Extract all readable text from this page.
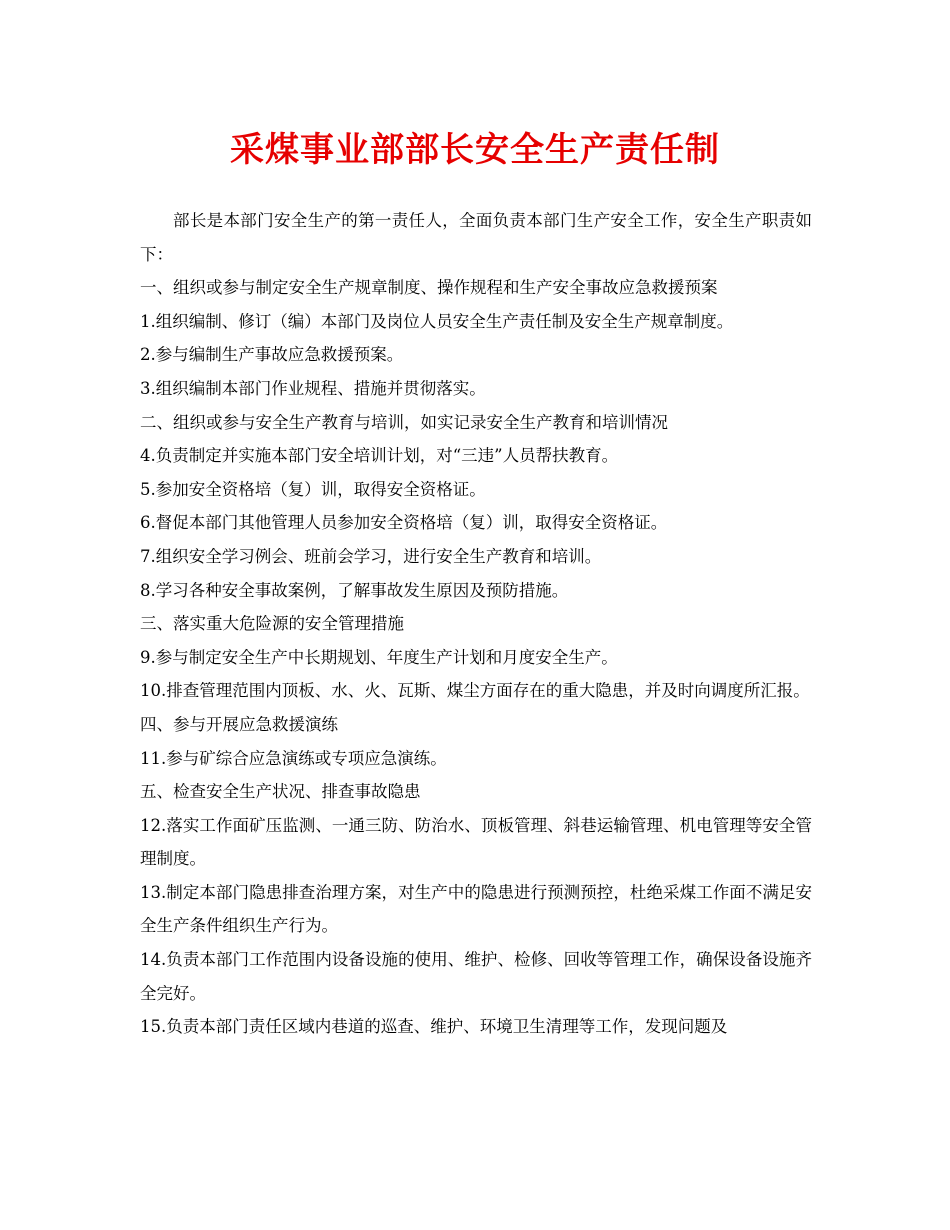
采煤事业部部长安全生产责任制

部长是本部门安全生产的第一责任人，全面负责本部门生产安全工作，安全生产职责如下：

一、组织或参与制定安全生产规章制度、操作规程和生产安全事故应急救援预案

1.组织编制、修订（编）本部门及岗位人员安全生产责任制及安全生产规章制度。

2.参与编制生产事故应急救援预案。

3.组织编制本部门作业规程、措施并贯彻落实。

二、组织或参与安全生产教育与培训，如实记录安全生产教育和培训情况

4.负责制定并实施本部门安全培训计划，对“三违”人员帮扶教育。

5.参加安全资格培（复）训，取得安全资格证。

6.督促本部门其他管理人员参加安全资格培（复）训，取得安全资格证。

7.组织安全学习例会、班前会学习，进行安全生产教育和培训。

8.学习各种安全事故案例，了解事故发生原因及预防措施。

三、落实重大危险源的安全管理措施

9.参与制定安全生产中长期规划、年度生产计划和月度安全生产。

10.排查管理范围内顶板、水、火、瓦斯、煤尘方面存在的重大隐患，并及时向调度所汇报。

四、参与开展应急救援演练

11.参与矿综合应急演练或专项应急演练。

五、检查安全生产状况、排查事故隐患

12.落实工作面矿压监测、一通三防、防治水、顶板管理、斜巷运输管理、机电管理等安全管理制度。

13.制定本部门隐患排查治理方案，对生产中的隐患进行预测预控，杜绝采煤工作面不满足安全生产条件组织生产行为。

14.负责本部门工作范围内设备设施的使用、维护、检修、回收等管理工作，确保设备设施齐全完好。

15.负责本部门责任区域内巷道的巡查、维护、环境卫生清理等工作，发现问题及
